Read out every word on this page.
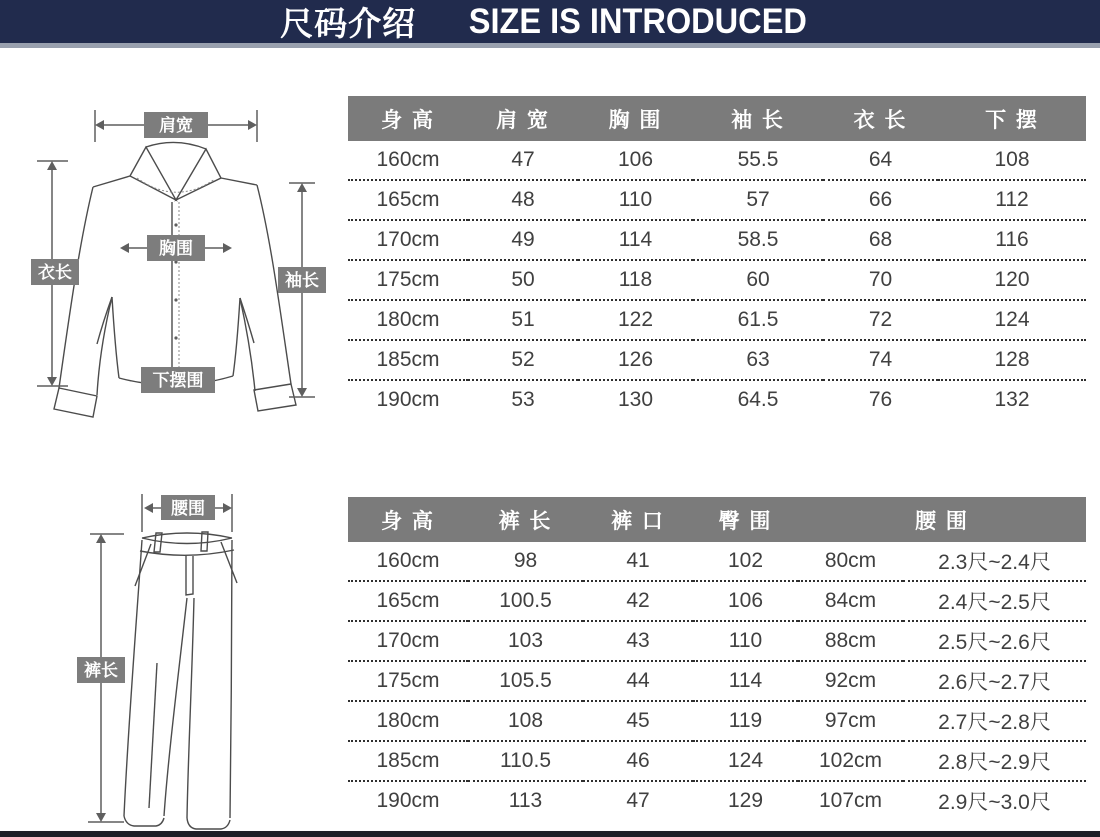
尺码介绍 SIZE IS INTRODUCED
肩宽
胸围
衣长	袖长
下摆围
身 高	肩 宽	胸 围	袖 长	衣 长	下 摆
160cm	47	106	55.5	64	108
165cm	48	110	57	66	112
170cm	49	114	58.5	68	116
175cm	50	118	60	70	120
180cm	51	122	61.5	72	124
185cm	52	126	63	74	128
190cm	53	130	64.5	76	132
腰围
裤长
身 高	裤 长	裤 口	臀 围	腰 围	
160cm	98	41	102	80cm	2.3尺~2.4尺
165cm	100.5	42	106	84cm	2.4尺~2.5尺
170cm	103	43	110	88cm	2.5尺~2.6尺
175cm	105.5	44	114	92cm	2.6尺~2.7尺
180cm	108	45	119	97cm	2.7尺~2.8尺
185cm	110.5	46	124	102cm	2.8尺~2.9尺
190cm	113	47	129	107cm	2.9尺~3.0尺
